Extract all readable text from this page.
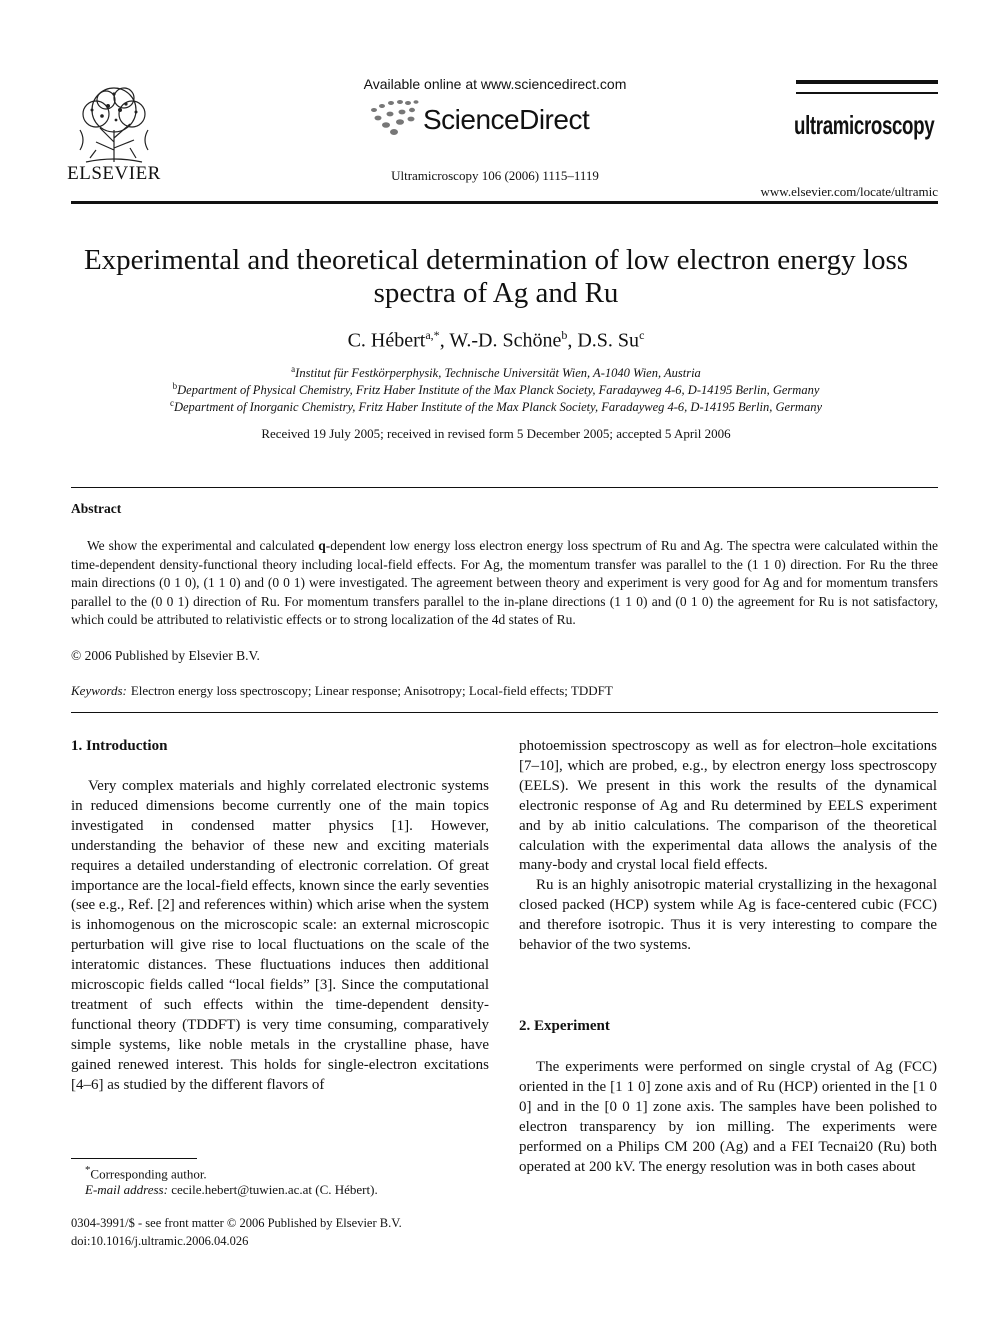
ELSEVIER
Available online at www.sciencedirect.com
ScienceDirect
Ultramicroscopy 106 (2006) 1115–1119
ultramicroscopy
www.elsevier.com/locate/ultramic
Experimental and theoretical determination of low electron energy loss spectra of Ag and Ru
C. Hébert$^{a,*}$, W.-D. Schöne$^b$, D.S. Su$^c$
$^a$Institut für Festkörperphysik, Technische Universität Wien, A-1040 Wien, Austria
$^b$Department of Physical Chemistry, Fritz Haber Institute of the Max Planck Society, Faradayweg 4-6, D-14195 Berlin, Germany
$^c$Department of Inorganic Chemistry, Fritz Haber Institute of the Max Planck Society, Faradayweg 4-6, D-14195 Berlin, Germany
Received 19 July 2005; received in revised form 5 December 2005; accepted 5 April 2006
Abstract

We show the experimental and calculated q-dependent low energy loss electron energy loss spectrum of Ru and Ag. The spectra were calculated within the time-dependent density-functional theory including local-field effects. For Ag, the momentum transfer was parallel to the (1 1 0) direction. For Ru the three main directions (0 1 0), (1 1 0) and (0 0 1) were investigated. The agreement between theory and experiment is very good for Ag and for momentum transfers parallel to the (0 0 1) direction of Ru. For momentum transfers parallel to the in-plane directions (1 1 0) and (0 1 0) the agreement for Ru is not satisfactory, which could be attributed to relativistic effects or to strong localization of the 4d states of Ru.

© 2006 Published by Elsevier B.V.
Keywords: Electron energy loss spectroscopy; Linear response; Anisotropy; Local-field effects; TDDFT
1. Introduction

Very complex materials and highly correlated electronic systems in reduced dimensions become currently one of the main topics investigated in condensed matter physics [1]. However, understanding the behavior of these new and exciting materials requires a detailed understanding of electronic correlation. Of great importance are the local-field effects, known since the early seventies (see e.g., Ref. [2] and references within) which arise when the system is inhomogenous on the microscopic scale: an external microscopic perturbation will give rise to local fluctuations on the scale of the interatomic distances. These fluctuations induces then additional microscopic fields called “local fields” [3]. Since the computational treatment of such effects within the time-dependent density-functional theory (TDDFT) is very time consuming, comparatively simple systems, like noble metals in the crystalline phase, have gained renewed interest. This holds for single-electron excitations [4–6] as studied by the different flavors of

photoemission spectroscopy as well as for electron–hole excitations [7–10], which are probed, e.g., by electron energy loss spectroscopy (EELS). We present in this work the results of the dynamical electronic response of Ag and Ru determined by EELS experiment and by ab initio calculations. The comparison of the theoretical calculation with the experimental data allows the analysis of the many-body and crystal local field effects.

Ru is an highly anisotropic material crystallizing in the hexagonal closed packed (HCP) system while Ag is face-centered cubic (FCC) and therefore isotropic. Thus it is very interesting to compare the behavior of the two systems.

2. Experiment

The experiments were performed on single crystal of Ag (FCC) oriented in the [1 1 0] zone axis and of Ru (HCP) oriented in the [1 0 0] and in the [0 0 1] zone axis. The samples have been polished to electron transparency by ion milling. The experiments were performed on a Philips CM 200 (Ag) and a FEI Tecnai20 (Ru) both operated at 200 kV. The energy resolution was in both cases about

*Corresponding author.
E-mail address: cecile.hebert@tuwien.ac.at (C. Hébert).
0304-3991/$ - see front matter © 2006 Published by Elsevier B.V.
doi:10.1016/j.ultramic.2006.04.026
